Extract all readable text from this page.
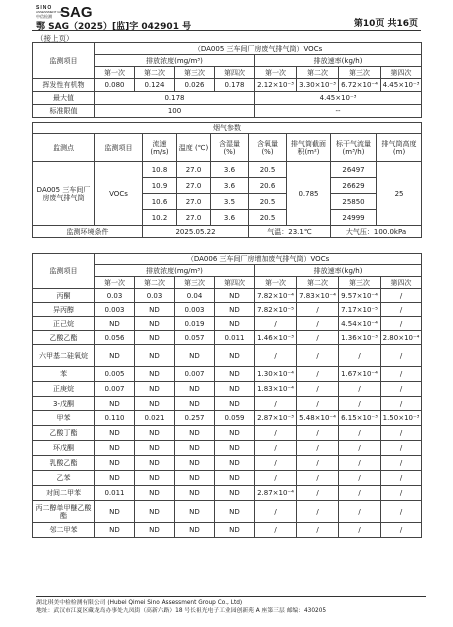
SINO
ASSESSMENT GROUP
中信检测 SAG
鄂 SAG（2025）[监]字 042901 号	第10页 共16页
（接上页）
监测项目	（DA005 三车间厂房废气排气筒）VOCs							
	排放浓度(mg/m³)				排放速率(kg/h)			
	第一次	第二次	第三次	第四次	第一次	第二次	第三次	第四次
挥发性有机物	0.080	0.124	0.026	0.178	2.12×10⁻³	3.30×10⁻³	6.72×10⁻⁴	4.45×10⁻³
最大值	0.178				4.45×10⁻³			
标准限值	100				--			
烟气参数								
监测点	监测项目	流速 (m/s)	温度 (℃)	含湿量 (%)	含氧量 (%)	排气筒截面积(m²)	标干气流量(m³/h)	排气筒高度(m)
DA005 三车间厂房废气排气筒	VOCs	10.8	27.0	3.6	20.5	0.785	26497	25
		10.9	27.0	3.6	20.6		26629	
		10.6	27.0	3.5	20.5		25850	
		10.2	27.0	3.6	20.5		24999	
监测环境条件		2025.05.22			气温：23.1℃		大气压：100.0kPa	
监测项目	（DA006 三车间厂房增加废气排气筒）VOCs							
	排放浓度(mg/m³)				排放速率(kg/h)			
	第一次	第二次	第三次	第四次	第一次	第二次	第三次	第四次
丙酮	0.03	0.03	0.04	ND	7.82×10⁻⁴	7.83×10⁻⁴	9.57×10⁻⁴	/
异丙醇	0.003	ND	0.003	ND	7.82×10⁻⁵	/	7.17×10⁻⁵	/
正己烷	ND	ND	0.019	ND	/	/	4.54×10⁻⁴	/
乙酸乙酯	0.056	ND	0.057	0.011	1.46×10⁻³	/	1.36×10⁻³	2.80×10⁻⁴
六甲基二硅氧烷	ND	ND	ND	ND	/	/	/	/
苯	0.005	ND	0.007	ND	1.30×10⁻⁴	/	1.67×10⁻⁴	/
正庚烷	0.007	ND	ND	ND	1.83×10⁻⁴	/	/	/
3-戊酮	ND	ND	ND	ND	/	/	/	/
甲苯	0.110	0.021	0.257	0.059	2.87×10⁻³	5.48×10⁻⁴	6.15×10⁻³	1.50×10⁻³
乙酸丁酯	ND	ND	ND	ND	/	/	/	/
环戊酮	ND	ND	ND	ND	/	/	/	/
乳酸乙酯	ND	ND	ND	ND	/	/	/	/
乙苯	ND	ND	ND	ND	/	/	/	/
对间二甲苯	0.011	ND	ND	ND	2.87×10⁻⁴	/	/	/
丙二醇单甲醚乙酸酯	ND	ND	ND	ND	/	/	/	/
邻二甲苯	ND	ND	ND	ND	/	/	/	/
湖北琪美中检检测有限公司 (Hubei Qimei Sino Assessment Group Co., Ltd)
地址：武汉市江夏区藏龙岛办事处九凤街（高新六路）18 号长祖光电子工业园创新苑 A 座第三层 邮编：430205
